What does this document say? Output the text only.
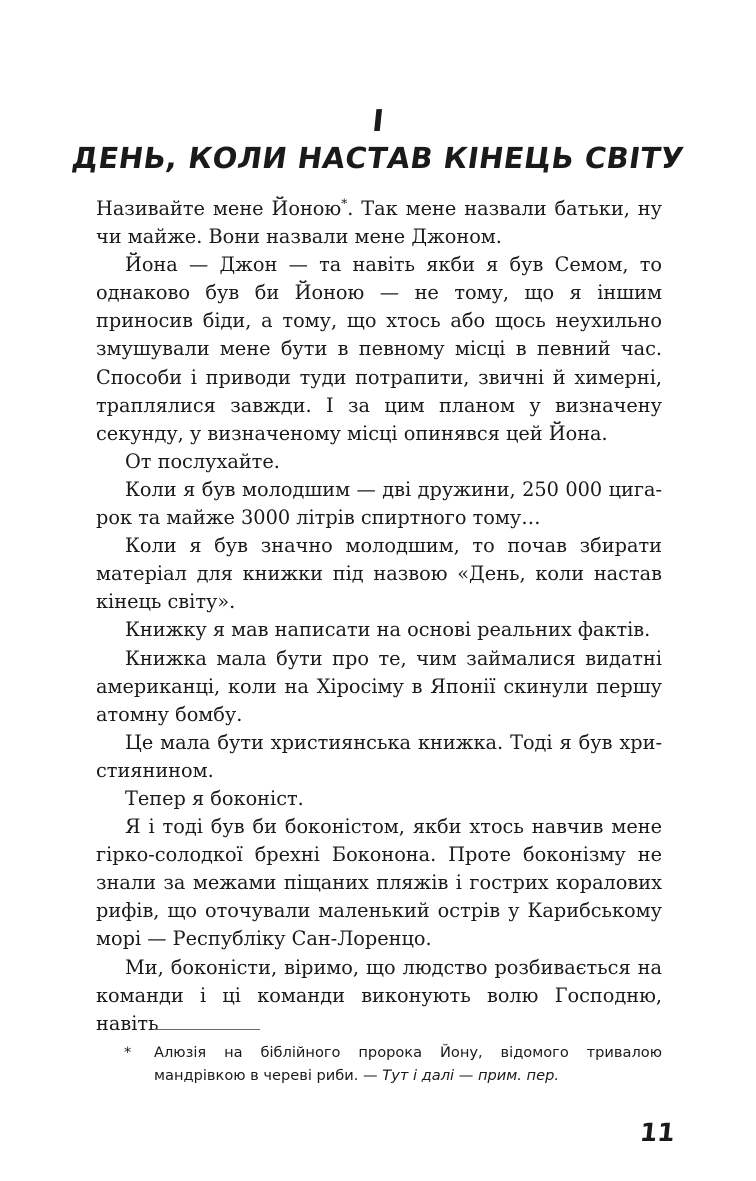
I
ДЕНЬ, КОЛИ НАСТАВ КІНЕЦЬ СВІТУ

Називайте мене Йоною*. Так мене назвали батьки, ну чи майже. Вони назвали мене Джоном.

Йона — Джон — та навіть якби я був Семом, то однаково був би Йоною — не тому, що я іншим приносив біди, а тому, що хтось або щось неухильно змушували мене бути в певному місці в певний час. Способи і приводи туди потрапити, звичні й химерні, траплялися завжди. І за цим планом у визначену секунду, у визначеному місці опинявся цей Йона.

От послухайте.

Коли я був молодшим — дві дружини, 250 000 цигарок та майже 3000 літрів спиртного тому…

Коли я був значно молодшим, то почав збирати матеріал для книжки під назвою «День, коли настав кінець світу».

Книжку я мав написати на основі реальних фактів.

Книжка мала бути про те, чим займалися видатні американці, коли на Хіросіму в Японії скинули першу атомну бомбу.

Це мала бути християнська книжка. Тоді я був християнином.

Тепер я боконіст.

Я і тоді був би боконістом, якби хтось навчив мене гірко-солодкої брехні Боконона. Проте боконізму не знали за межами піщаних пляжів і гострих коралових рифів, що оточували маленький острів у Карибському морі — Республіку Сан-Лоренцо.

Ми, боконісти, віримо, що людство розбивається на команди і ці команди виконують волю Господню, навіть

* Алюзія на біблійного пророка Йону, відомого тривалою мандрівкою в череві риби. — Тут і далі — прим. пер.
11
